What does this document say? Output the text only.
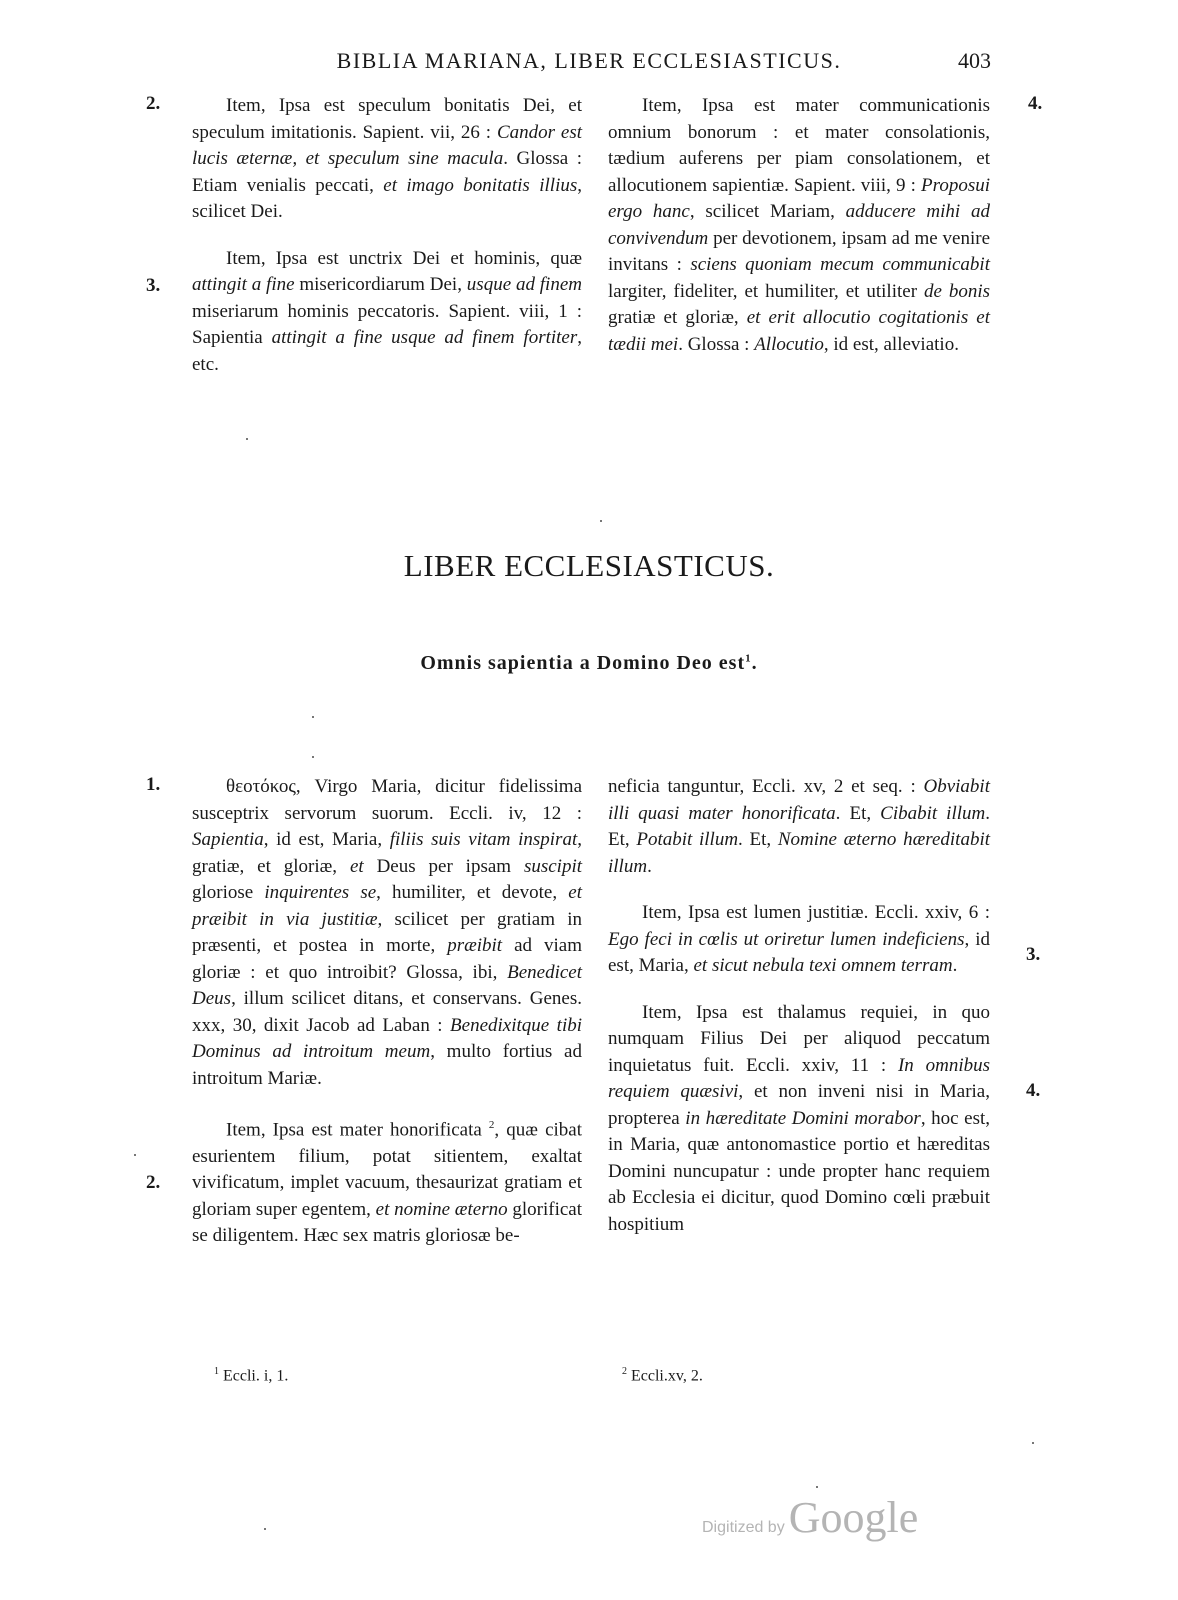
BIBLIA MARIANA, LIBER ECCLESIASTICUS.	403
2.
3.
4.

Item, Ipsa est speculum bonitatis Dei, et speculum imitationis. Sapient. vii, 26 : Candor est lucis æternæ, et speculum sine macula. Glossa : Etiam venialis peccati, et imago bonitatis illius, scilicet Dei.

Item, Ipsa est unctrix Dei et hominis, quæ attingit a fine misericordiarum Dei, usque ad finem miseriarum hominis peccatoris. Sapient. viii, 1 : Sapientia attingit a fine usque ad finem fortiter, etc.

Item, Ipsa est mater communicationis omnium bonorum : et mater consolationis, tædium auferens per piam consolationem, et allocutionem sapientiæ. Sapient. viii, 9 : Proposui ergo hanc, scilicet Mariam, adducere mihi ad convivendum per devotionem, ipsam ad me venire invitans : sciens quoniam mecum communicabit largiter, fideliter, et humiliter, et utiliter de bonis gratiæ et gloriæ, et erit allocutio cogitationis et tædii mei. Glossa : Allocutio, id est, alleviatio.

LIBER ECCLESIASTICUS.
Omnis sapientia a Domino Deo est$^1$.
1.
2.
3.
4.

θεοτόκος, Virgo Maria, dicitur fidelissima susceptrix servorum suorum. Eccli. iv, 12 : Sapientia, id est, Maria, filiis suis vitam inspirat, gratiæ, et gloriæ, et Deus per ipsam suscipit gloriose inquirentes se, humiliter, et devote, et præibit in via justitiæ, scilicet per gratiam in præsenti, et postea in morte, præibit ad viam gloriæ : et quo introibit? Glossa, ibi, Benedicet Deus, illum scilicet ditans, et conservans. Genes. xxx, 30, dixit Jacob ad Laban : Benedixitque tibi Dominus ad introitum meum, multo fortius ad introitum Mariæ.

Item, Ipsa est mater honorificata $^2$, quæ cibat esurientem filium, potat sitientem, exaltat vivificatum, implet vacuum, thesaurizat gratiam et gloriam super egentem, et nomine æterno glorificat se diligentem. Hæc sex matris gloriosæ be-

neficia tanguntur, Eccli. xv, 2 et seq. : Obviabit illi quasi mater honorificata. Et, Cibabit illum. Et, Potabit illum. Et, Nomine æterno hæreditabit illum.

Item, Ipsa est lumen justitiæ. Eccli. xxiv, 6 : Ego feci in cœlis ut oriretur lumen indeficiens, id est, Maria, et sicut nebula texi omnem terram.

Item, Ipsa est thalamus requiei, in quo numquam Filius Dei per aliquod peccatum inquietatus fuit. Eccli. xxiv, 11 : In omnibus requiem quæsivi, et non inveni nisi in Maria, propterea in hæreditate Domini morabor, hoc est, in Maria, quæ antonomastice portio et hæreditas Domini nuncupatur : unde propter hanc requiem ab Ecclesia ei dicitur, quod Domino cœli præbuit hospitium

$^1$ Eccli. i, 1.	$^2$ Eccli.xv, 2.
Digitized by Google
